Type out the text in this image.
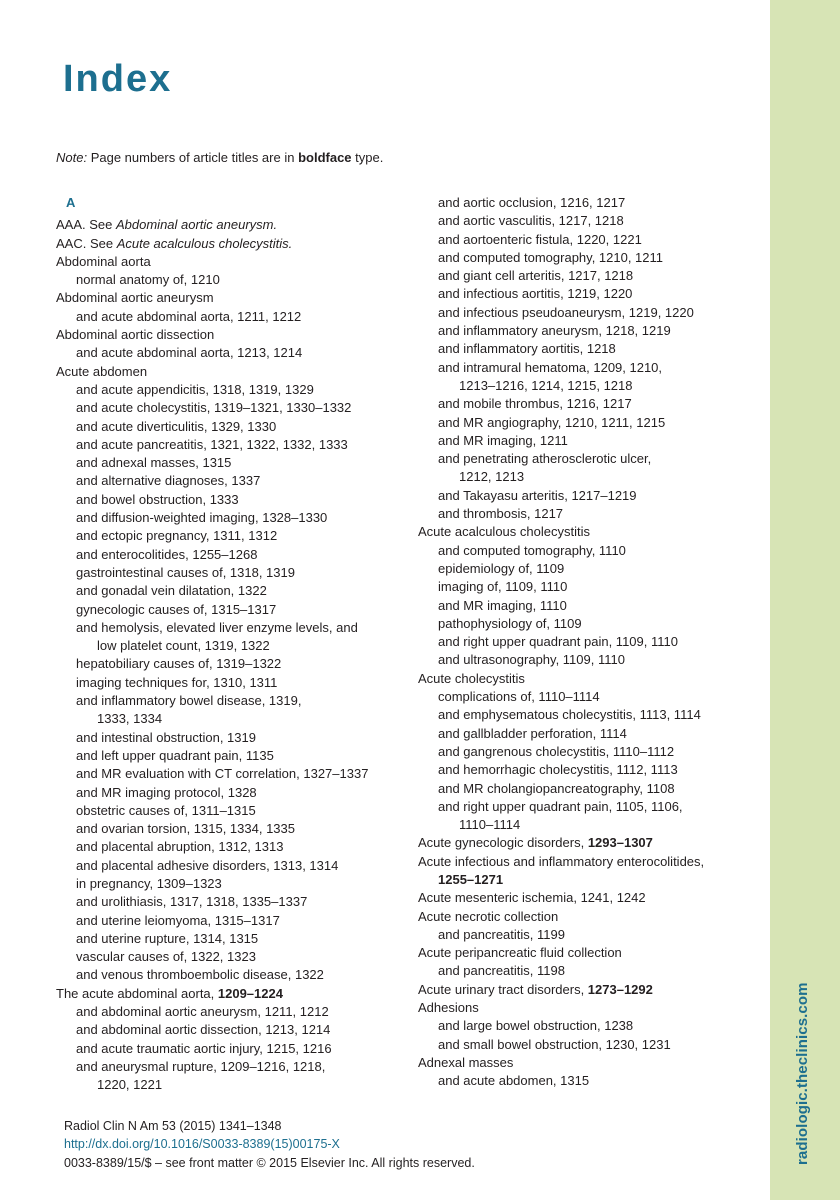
radiologic.theclinics.com
Index
Note: Page numbers of article titles are in boldface type.
A
AAA. See Abdominal aortic aneurysm.
AAC. See Acute acalculous cholecystitis.
Abdominal aorta
normal anatomy of, 1210
Abdominal aortic aneurysm
and acute abdominal aorta, 1211, 1212
Abdominal aortic dissection
and acute abdominal aorta, 1213, 1214
Acute abdomen
and acute appendicitis, 1318, 1319, 1329
and acute cholecystitis, 1319–1321, 1330–1332
and acute diverticulitis, 1329, 1330
and acute pancreatitis, 1321, 1322, 1332, 1333
and adnexal masses, 1315
and alternative diagnoses, 1337
and bowel obstruction, 1333
and diffusion-weighted imaging, 1328–1330
and ectopic pregnancy, 1311, 1312
and enterocolitides, 1255–1268
gastrointestinal causes of, 1318, 1319
and gonadal vein dilatation, 1322
gynecologic causes of, 1315–1317
and hemolysis, elevated liver enzyme levels, and
low platelet count, 1319, 1322
hepatobiliary causes of, 1319–1322
imaging techniques for, 1310, 1311
and inflammatory bowel disease, 1319,
1333, 1334
and intestinal obstruction, 1319
and left upper quadrant pain, 1135
and MR evaluation with CT correlation, 1327–1337
and MR imaging protocol, 1328
obstetric causes of, 1311–1315
and ovarian torsion, 1315, 1334, 1335
and placental abruption, 1312, 1313
and placental adhesive disorders, 1313, 1314
in pregnancy, 1309–1323
and urolithiasis, 1317, 1318, 1335–1337
and uterine leiomyoma, 1315–1317
and uterine rupture, 1314, 1315
vascular causes of, 1322, 1323
and venous thromboembolic disease, 1322
The acute abdominal aorta, 1209–1224
and abdominal aortic aneurysm, 1211, 1212
and abdominal aortic dissection, 1213, 1214
and acute traumatic aortic injury, 1215, 1216
and aneurysmal rupture, 1209–1216, 1218,
1220, 1221
and aortic occlusion, 1216, 1217
and aortic vasculitis, 1217, 1218
and aortoenteric fistula, 1220, 1221
and computed tomography, 1210, 1211
and giant cell arteritis, 1217, 1218
and infectious aortitis, 1219, 1220
and infectious pseudoaneurysm, 1219, 1220
and inflammatory aneurysm, 1218, 1219
and inflammatory aortitis, 1218
and intramural hematoma, 1209, 1210,
1213–1216, 1214, 1215, 1218
and mobile thrombus, 1216, 1217
and MR angiography, 1210, 1211, 1215
and MR imaging, 1211
and penetrating atherosclerotic ulcer,
1212, 1213
and Takayasu arteritis, 1217–1219
and thrombosis, 1217
Acute acalculous cholecystitis
and computed tomography, 1110
epidemiology of, 1109
imaging of, 1109, 1110
and MR imaging, 1110
pathophysiology of, 1109
and right upper quadrant pain, 1109, 1110
and ultrasonography, 1109, 1110
Acute cholecystitis
complications of, 1110–1114
and emphysematous cholecystitis, 1113, 1114
and gallbladder perforation, 1114
and gangrenous cholecystitis, 1110–1112
and hemorrhagic cholecystitis, 1112, 1113
and MR cholangiopancreatography, 1108
and right upper quadrant pain, 1105, 1106,
1110–1114
Acute gynecologic disorders, 1293–1307
Acute infectious and inflammatory enterocolitides,
1255–1271
Acute mesenteric ischemia, 1241, 1242
Acute necrotic collection
and pancreatitis, 1199
Acute peripancreatic fluid collection
and pancreatitis, 1198
Acute urinary tract disorders, 1273–1292
Adhesions
and large bowel obstruction, 1238
and small bowel obstruction, 1230, 1231
Adnexal masses
and acute abdomen, 1315
Radiol Clin N Am 53 (2015) 1341–1348
http://dx.doi.org/10.1016/S0033-8389(15)00175-X
0033-8389/15/$ – see front matter © 2015 Elsevier Inc. All rights reserved.
